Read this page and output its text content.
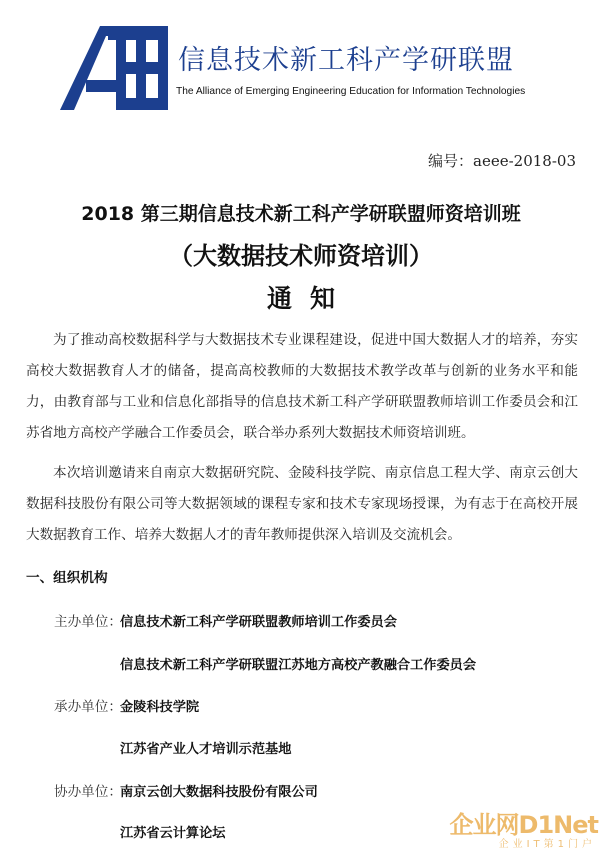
信息技术新工科产学研联盟
The Alliance of Emerging Engineering Education for Information Technologies
编号：aeee-2018-03
2018 第三期信息技术新工科产学研联盟师资培训班
（大数据技术师资培训）
通知

为了推动高校数据科学与大数据技术专业课程建设，促进中国大数据人才的培养，夯实高校大数据教育人才的储备，提高高校教师的大数据技术教学改革与创新的业务水平和能力，由教育部与工业和信息化部指导的信息技术新工科产学研联盟教师培训工作委员会和江苏省地方高校产学融合工作委员会，联合举办系列大数据技术师资培训班。

本次培训邀请来自南京大数据研究院、金陵科技学院、南京信息工程大学、南京云创大数据科技股份有限公司等大数据领域的课程专家和技术专家现场授课，为有志于在高校开展大数据教育工作、培养大数据人才的青年教师提供深入培训及交流机会。

一、组织机构
主办单位：
信息技术新工科产学研联盟教师培训工作委员会
信息技术新工科产学研联盟江苏地方高校产教融合工作委员会
承办单位：
金陵科技学院
江苏省产业人才培训示范基地
协办单位：
南京云创大数据科技股份有限公司
江苏省云计算论坛	企业网D1Net
企业IT第1门户
